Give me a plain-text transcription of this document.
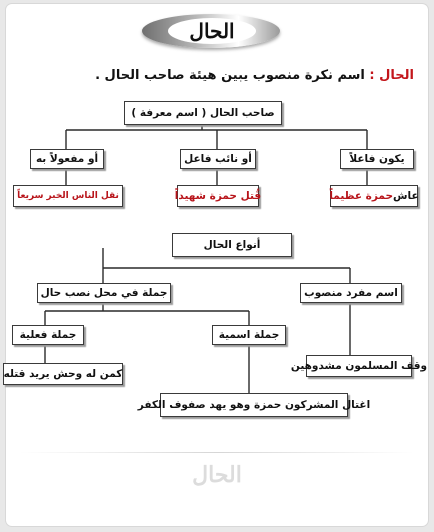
الحال
الحال : اسم نكرة منصوب يبين هيئة صاحب الحال .
صاحب الحال ( اسم معرفة )
يكون فاعلاً
أو نائب فاعل
أو مفعولاً به
عاش
حمزة عظيماً
قُتل حمزة شهيداً
نقل الناس الخبر سريعاً
أنواع الحال
اسم مفرد منصوب
جملة في محل نصب حال
جملة فعلية	جملة اسمية
وقف المسلمون مشدوهين
كمن له وحش يريد قتله
اغتال المشركون حمزة وهو يهد صفوف الكفر
الحال
